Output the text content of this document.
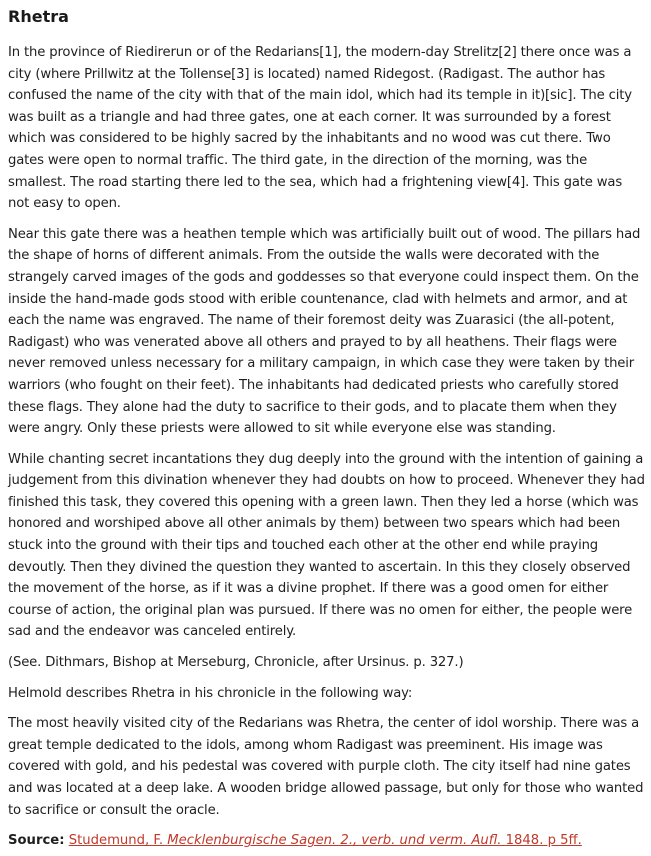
Rhetra

In the province of Riedirerun or of the Redarians[1], the modern-day Strelitz[2] there once was a city (where Prillwitz at the Tollense[3] is located) named Ridegost. (Radigast. The author has confused the name of the city with that of the main idol, which had its temple in it)[sic]. The city was built as a triangle and had three gates, one at each corner. It was surrounded by a forest which was considered to be highly sacred by the inhabitants and no wood was cut there. Two gates were open to normal traffic. The third gate, in the direction of the morning, was the smallest. The road starting there led to the sea, which had a frightening view[4]. This gate was not easy to open.

Near this gate there was a heathen temple which was artificially built out of wood. The pillars had the shape of horns of different animals. From the outside the walls were decorated with the strangely carved images of the gods and goddesses so that everyone could inspect them. On the inside the hand-made gods stood with erible countenance, clad with helmets and armor, and at each the name was engraved. The name of their foremost deity was Zuarasici (the all-potent, Radigast) who was venerated above all others and prayed to by all heathens. Their flags were never removed unless necessary for a military campaign, in which case they were taken by their warriors (who fought on their feet). The inhabitants had dedicated priests who carefully stored these flags. They alone had the duty to sacrifice to their gods, and to placate them when they were angry. Only these priests were allowed to sit while everyone else was standing.

While chanting secret incantations they dug deeply into the ground with the intention of gaining a judgement from this divination whenever they had doubts on how to proceed. Whenever they had finished this task, they covered this opening with a green lawn. Then they led a horse (which was honored and worshiped above all other animals by them) between two spears which had been stuck into the ground with their tips and touched each other at the other end while praying devoutly. Then they divined the question they wanted to ascertain. In this they closely observed the movement of the horse, as if it was a divine prophet. If there was a good omen for either course of action, the original plan was pursued. If there was no omen for either, the people were sad and the endeavor was canceled entirely.

(See. Dithmars, Bishop at Merseburg, Chronicle, after Ursinus. p. 327.)

Helmold describes Rhetra in his chronicle in the following way:

The most heavily visited city of the Redarians was Rhetra, the center of idol worship. There was a great temple dedicated to the idols, among whom Radigast was preeminent. His image was covered with gold, and his pedestal was covered with purple cloth. The city itself had nine gates and was located at a deep lake. A wooden bridge allowed passage, but only for those who wanted to sacrifice or consult the oracle.

Source: Studemund, F. Mecklenburgische Sagen. 2., verb. und verm. Aufl. 1848. p 5ff.
